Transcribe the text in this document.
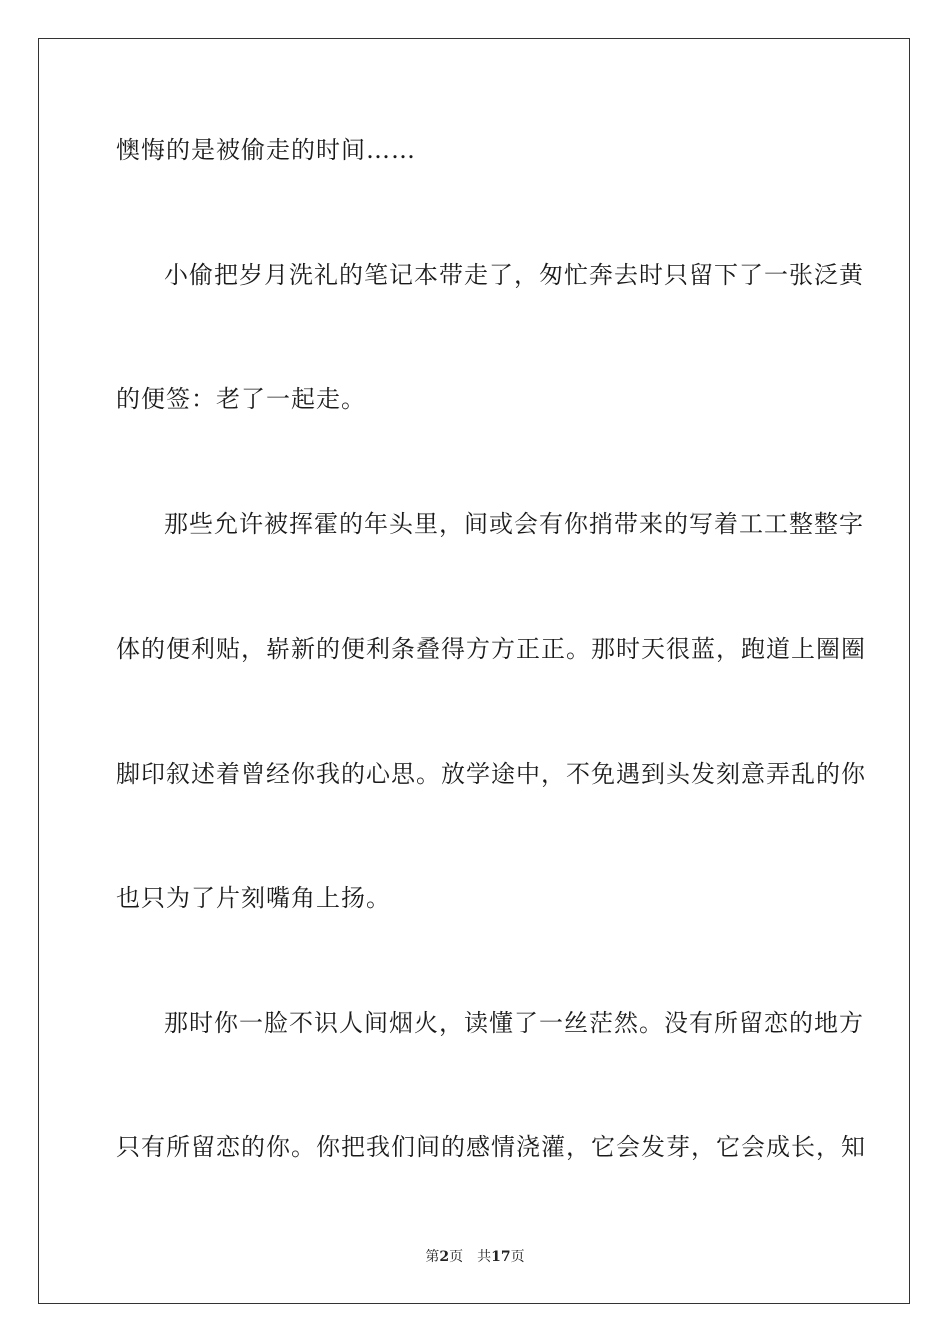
懊悔的是被偷走的时间……
小偷把岁月洗礼的笔记本带走了，匆忙奔去时只留下了一张泛黄
的便签：老了一起走。
那些允许被挥霍的年头里，间或会有你捎带来的写着工工整整字
体的便利贴，崭新的便利条叠得方方正正。那时天很蓝，跑道上圈圈
脚印叙述着曾经你我的心思。放学途中，不免遇到头发刻意弄乱的你
也只为了片刻嘴角上扬。
那时你一脸不识人间烟火，读懂了一丝茫然。没有所留恋的地方
只有所留恋的你。你把我们间的感情浇灌，它会发芽，它会成长，知
第2页 共17页
